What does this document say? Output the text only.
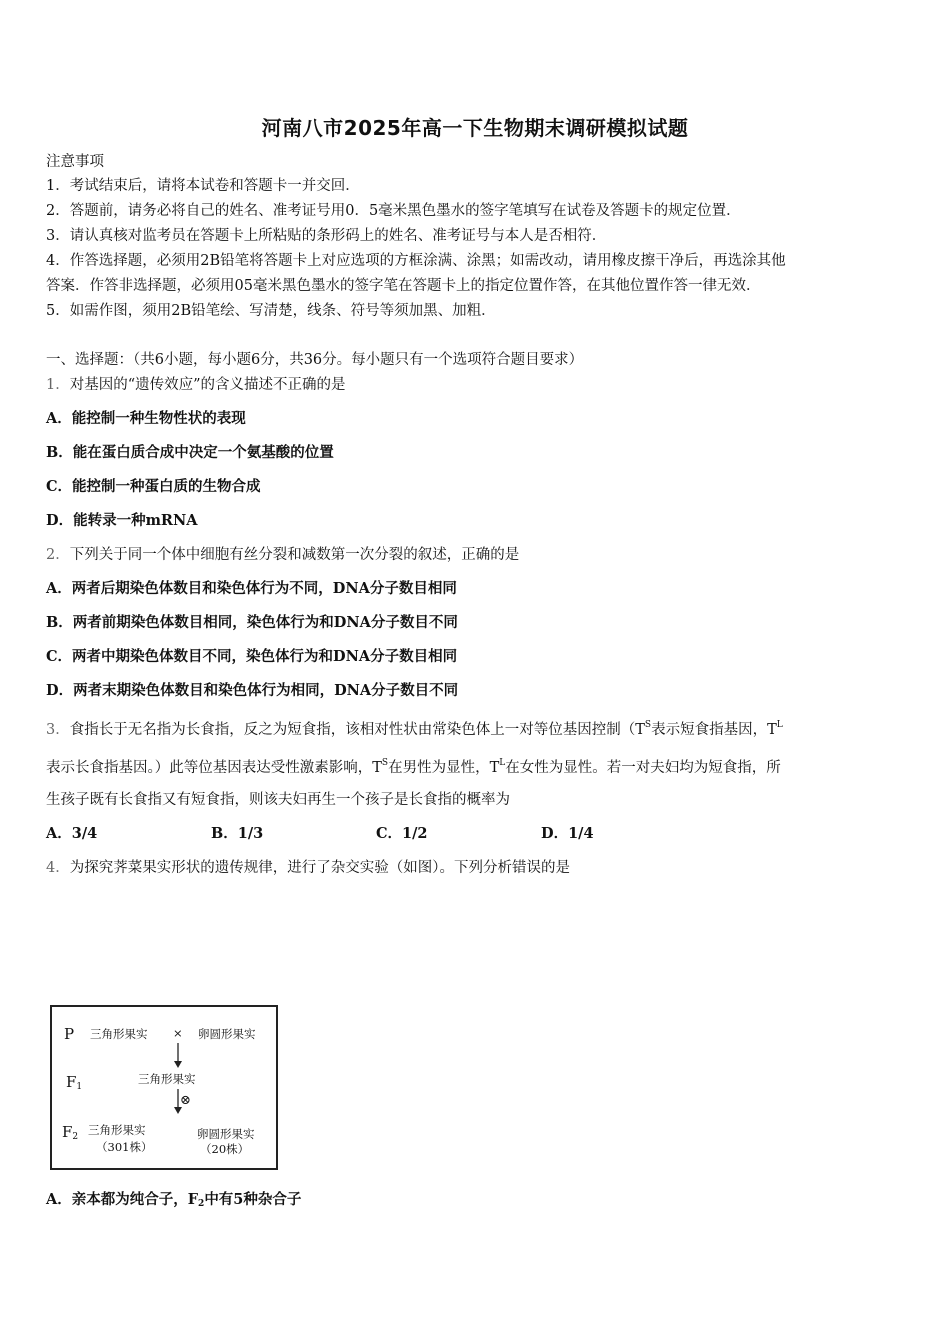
河南八市2025年高一下生物期末调研模拟试题
注意事项
1．考试结束后，请将本试卷和答题卡一并交回．
2．答题前，请务必将自己的姓名、准考证号用0．5毫米黑色墨水的签字笔填写在试卷及答题卡的规定位置．
3．请认真核对监考员在答题卡上所粘贴的条形码上的姓名、准考证号与本人是否相符．
4．作答选择题，必须用2B铅笔将答题卡上对应选项的方框涂满、涂黑；如需改动，请用橡皮擦干净后，再选涂其他
答案．作答非选择题，必须用05毫米黑色墨水的签字笔在答题卡上的指定位置作答，在其他位置作答一律无效．
5．如需作图，须用2B铅笔绘、写清楚，线条、符号等须加黑、加粗．
一、选择题：（共6小题，每小题6分，共36分。每小题只有一个选项符合题目要求）
1．对基因的“遗传效应”的含义描述不正确的是
A．能控制一种生物性状的表现
B．能在蛋白质合成中决定一个氨基酸的位置
C．能控制一种蛋白质的生物合成
D．能转录一种mRNA
2．下列关于同一个体中细胞有丝分裂和减数第一次分裂的叙述，正确的是
A．两者后期染色体数目和染色体行为不同，DNA分子数目相同
B．两者前期染色体数目相同，染色体行为和DNA分子数目不同
C．两者中期染色体数目不同，染色体行为和DNA分子数目相同
D．两者末期染色体数目和染色体行为相同，DNA分子数目不同
3．食指长于无名指为长食指，反之为短食指，该相对性状由常染色体上一对等位基因控制（$T^S$表示短食指基因，$T^L$
表示长食指基因。）此等位基因表达受性激素影响，$T^S$在男性为显性，$T^L$在女性为显性。若一对夫妇均为短食指，所
生孩子既有长食指又有短食指，则该夫妇再生一个孩子是长食指的概率为
A．3/4	B．1/3	C．1/2	D．1/4
4．为探究荠菜果实形状的遗传规律，进行了杂交实验（如图）。下列分析错误的是
P 三角形果实 × 卵圆形果实
$F_1$
三角形果实
⊗
$F_2$ 三角形果实
（301株）
卵圆形果实
（20株）
A．亲本都为纯合子，$F_2$中有5种杂合子
